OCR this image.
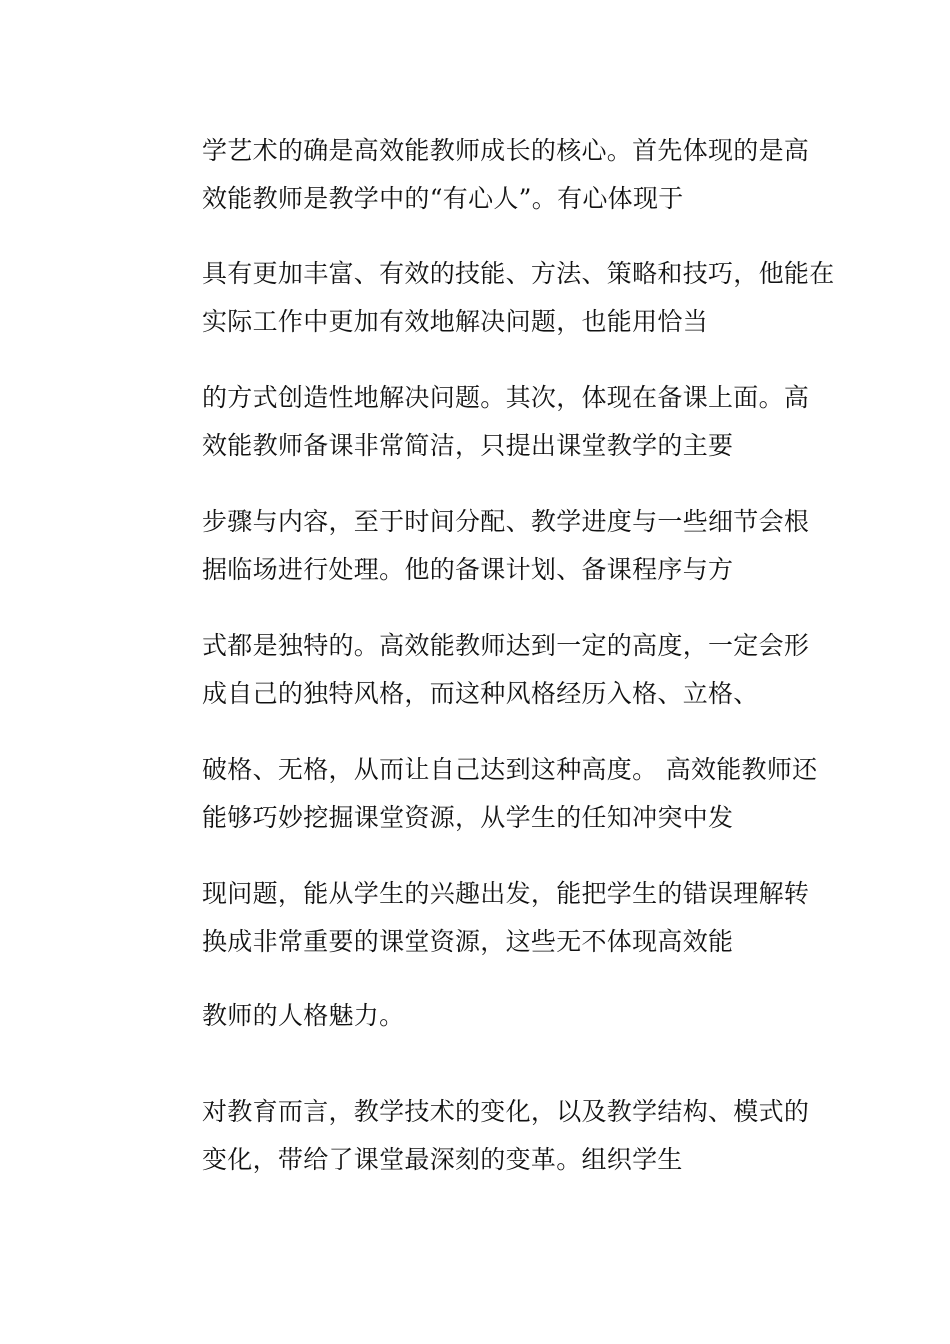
学艺术的确是高效能教师成长的核心。首先体现的是高
效能教师是教学中的“有心人”。有心体现于
具有更加丰富、有效的技能、方法、策略和技巧，他能在
实际工作中更加有效地解决问题，也能用恰当
的方式创造性地解决问题。其次，体现在备课上面。高
效能教师备课非常简洁，只提出课堂教学的主要
步骤与内容，至于时间分配、教学进度与一些细节会根
据临场进行处理。他的备课计划、备课程序与方
式都是独特的。高效能教师达到一定的高度，一定会形
成自己的独特风格，而这种风格经历入格、立格、
破格、无格，从而让自己达到这种高度。 高效能教师还
能够巧妙挖掘课堂资源，从学生的任知冲突中发
现问题，能从学生的兴趣出发，能把学生的错误理解转
换成非常重要的课堂资源，这些无不体现高效能
教师的人格魅力。
对教育而言，教学技术的变化，以及教学结构、模式的
变化，带给了课堂最深刻的变革。组织学生
